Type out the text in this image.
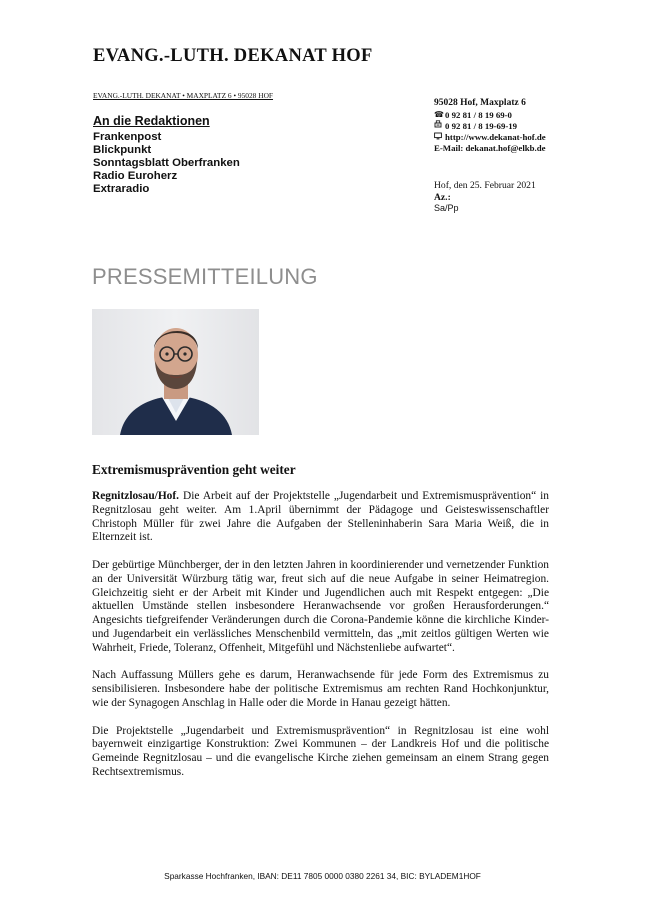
EVANG.-LUTH. DEKANAT HOF
EVANG.-LUTH. DEKANAT • MAXPLATZ 6 • 95028 HOF
An die Redaktionen
Frankenpost
Blickpunkt
Sonntagsblatt Oberfranken
Radio Euroherz
Extraradio
95028 Hof, Maxplatz 6
☎ 0 92 81 / 8 19 69-0
0 92 81 / 8 19-69-19
http://www.dekanat-hof.de
E-Mail: dekanat.hof@elkb.de
Hof, den 25. Februar 2021
Az.:
Sa/Pp
PRESSEMITTEILUNG
Extremismusprävention geht weiter

Regnitzlosau/Hof. Die Arbeit auf der Projektstelle „Jugendarbeit und Extremismusprävention“ in Regnitzlosau geht weiter. Am 1.April übernimmt der Pädagoge und Geisteswissenschaftler Christoph Müller für zwei Jahre die Aufgaben der Stelleninhaberin Sara Maria Weiß, die in Elternzeit ist.

Der gebürtige Münchberger, der in den letzten Jahren in koordinierender und vernetzender Funktion an der Universität Würzburg tätig war, freut sich auf die neue Aufgabe in seiner Heimatregion. Gleichzeitig sieht er der Arbeit mit Kinder und Jugendlichen auch mit Respekt entgegen: „Die aktuellen Umstände stellen insbesondere Heranwachsende vor großen Herausforderungen.“ Angesichts tiefgreifender Veränderungen durch die Corona-Pandemie könne die kirchliche Kinder- und Jugendarbeit ein verlässliches Menschenbild vermitteln, das „mit zeitlos gültigen Werten wie Wahrheit, Friede, Toleranz, Offenheit, Mitgefühl und Nächstenliebe aufwartet“.

Nach Auffassung Müllers gehe es darum, Heranwachsende für jede Form des Extremismus zu sensibilisieren. Insbesondere habe der politische Extremismus am rechten Rand Hochkonjunktur, wie der Synagogen Anschlag in Halle oder die Morde in Hanau gezeigt hätten.

Die Projektstelle „Jugendarbeit und Extremismusprävention“ in Regnitzlosau ist eine wohl bayernweit einzigartige Konstruktion: Zwei Kommunen – der Landkreis Hof und die politische Gemeinde Regnitzlosau – und die evangelische Kirche ziehen gemeinsam an einem Strang gegen Rechtsextremismus.

Sparkasse Hochfranken, IBAN: DE11 7805 0000 0380 2261 34, BIC: BYLADEM1HOF
